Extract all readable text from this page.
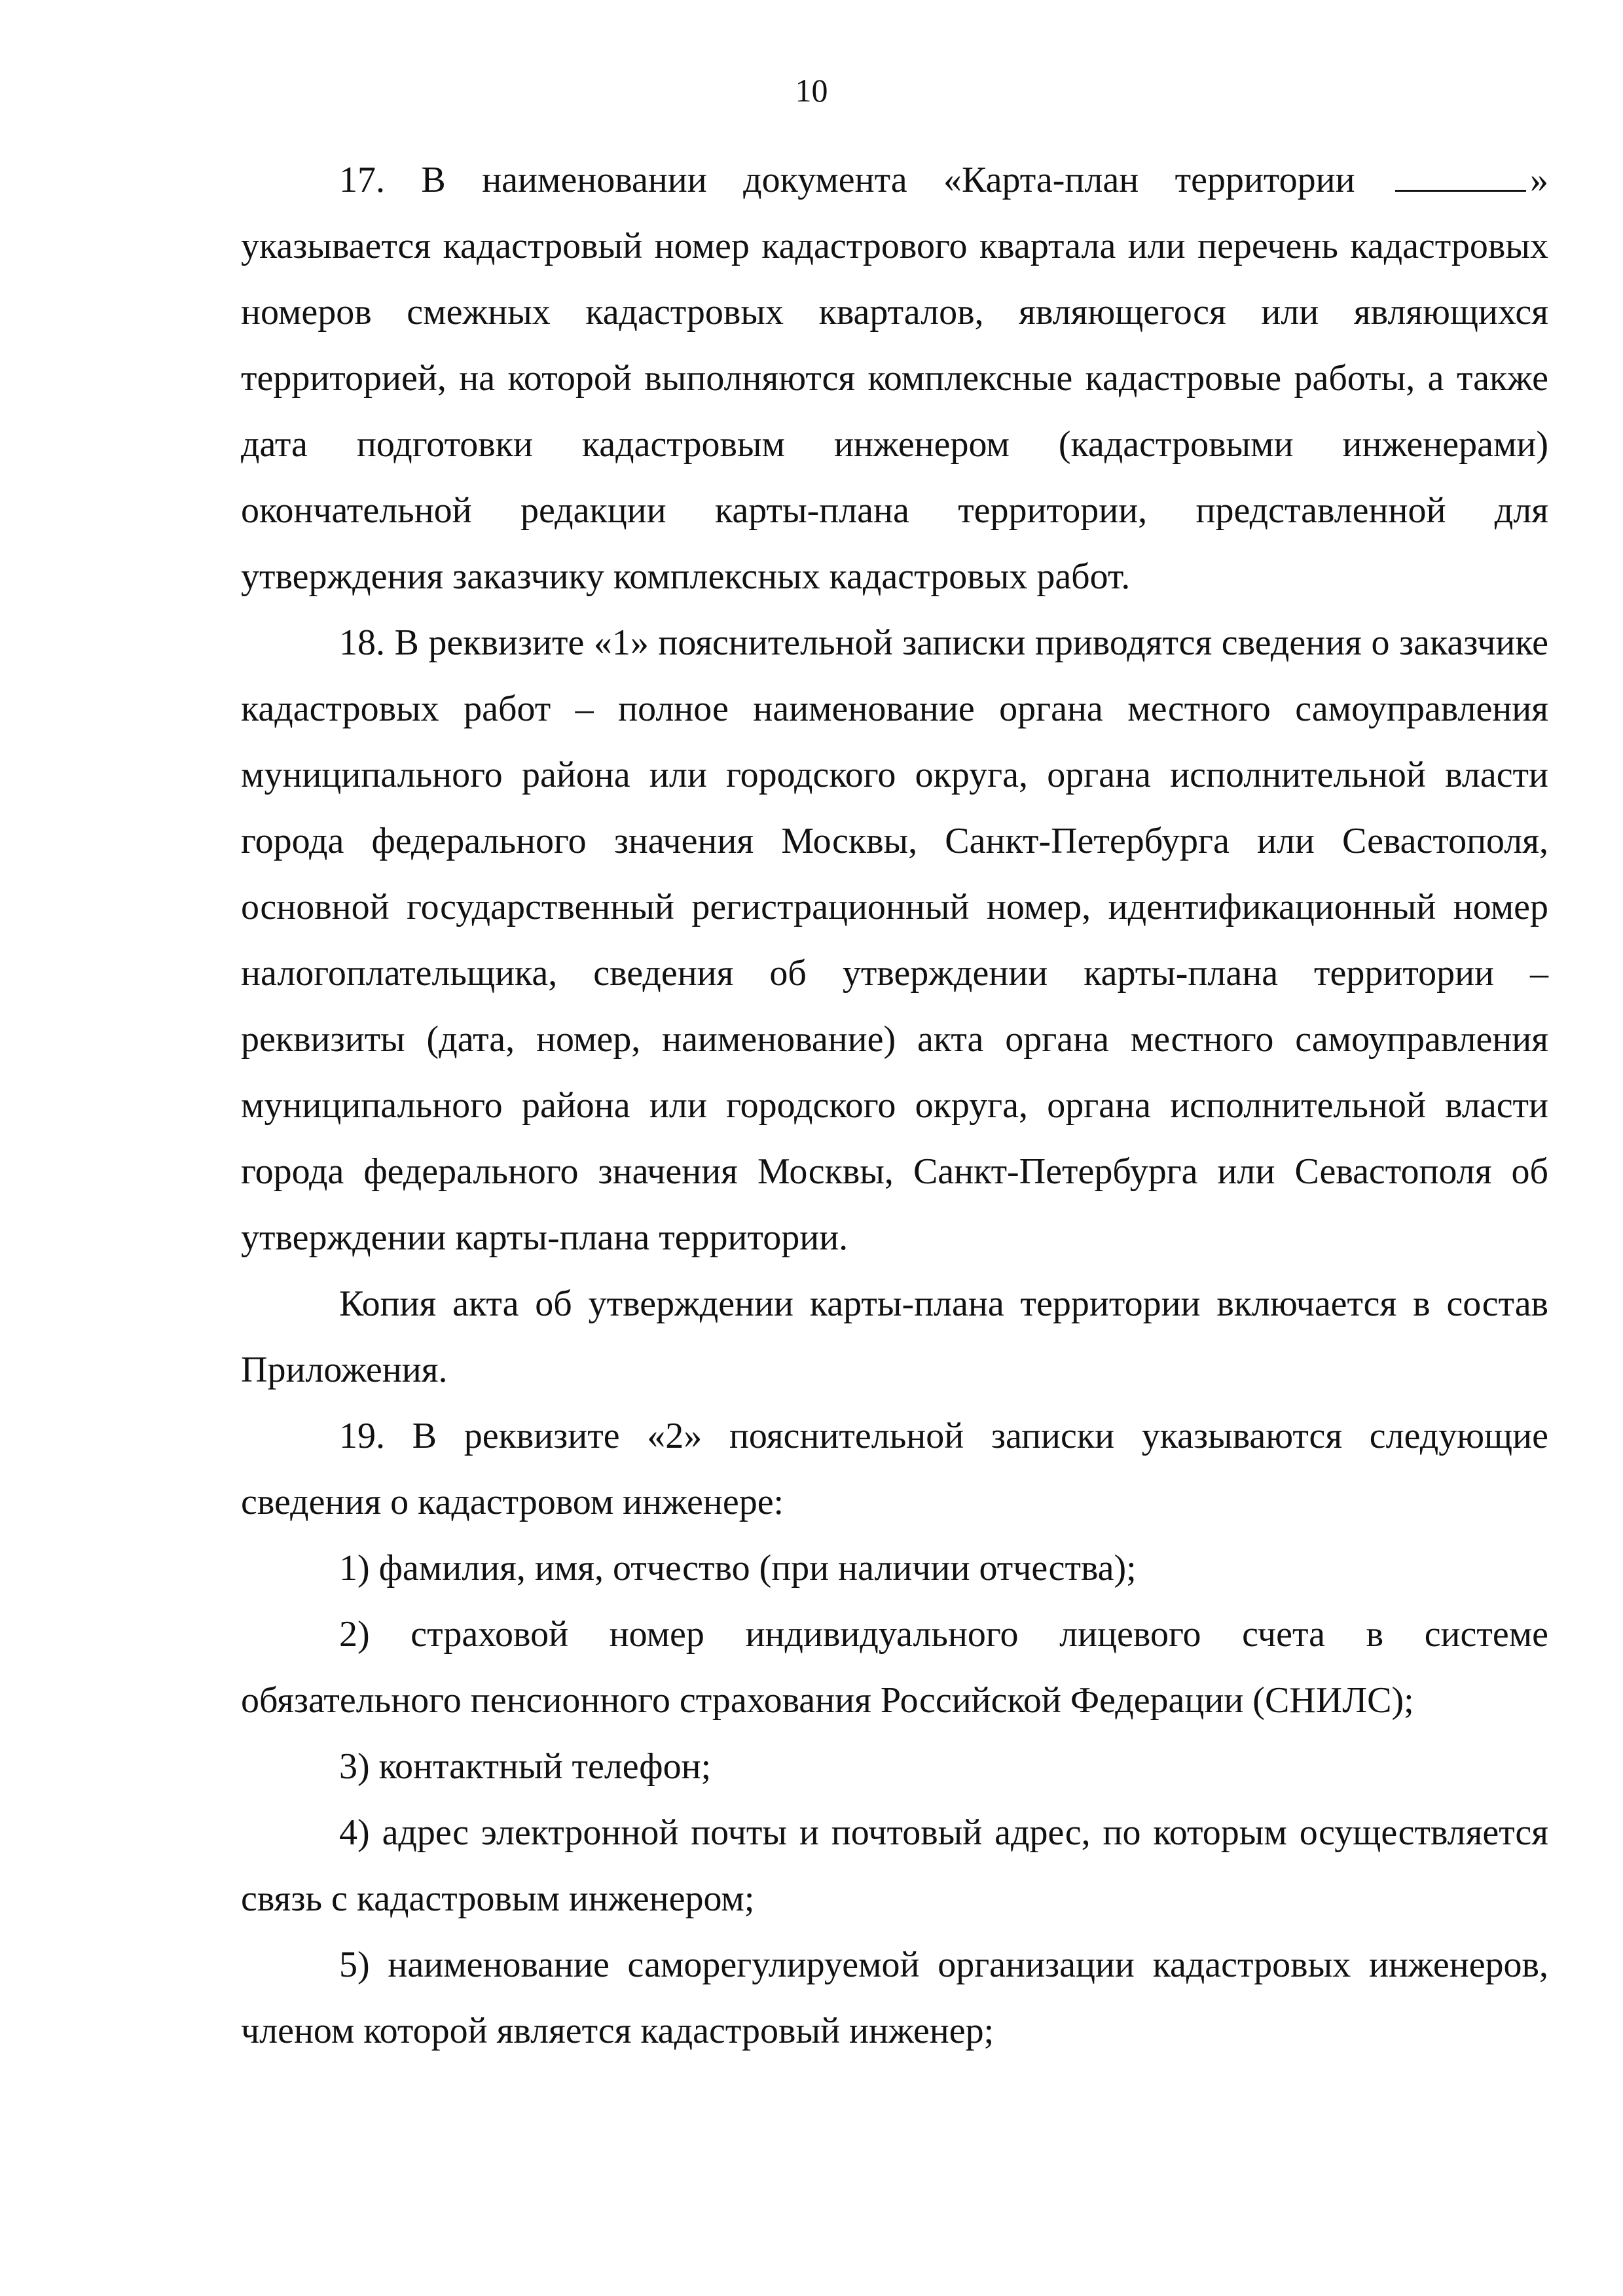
10

17. В наименовании документа «Карта-план территории	» указывается кадастровый номер кадастрового квартала или перечень кадастровых номеров смежных кадастровых кварталов, являющегося или являющихся территорией, на которой выполняются комплексные кадастровые работы, а также дата подготовки кадастровым инженером (кадастровыми инженерами) окончательной редакции карты-плана территории, представленной для утверждения заказчику комплексных кадастровых работ.

18. В реквизите «1» пояснительной записки приводятся сведения о заказчике кадастровых работ – полное наименование органа местного самоуправления муниципального района или городского округа, органа исполнительной власти города федерального значения Москвы, Санкт-Петербурга или Севастополя, основной государственный регистрационный номер, идентификационный номер налогоплательщика, сведения об утверждении карты-плана территории – реквизиты (дата, номер, наименование) акта органа местного самоуправления муниципального района или городского округа, органа исполнительной власти города федерального значения Москвы, Санкт-Петербурга или Севастополя об утверждении карты-плана территории.

Копия акта об утверждении карты-плана территории включается в состав Приложения.

19. В реквизите «2» пояснительной записки указываются следующие сведения о кадастровом инженере:

1) фамилия, имя, отчество (при наличии отчества);

2) страховой номер индивидуального лицевого счета в системе обязательного пенсионного страхования Российской Федерации (СНИЛС);

3) контактный телефон;

4) адрес электронной почты и почтовый адрес, по которым осуществляется связь с кадастровым инженером;

5) наименование саморегулируемой организации кадастровых инженеров, членом которой является кадастровый инженер;
